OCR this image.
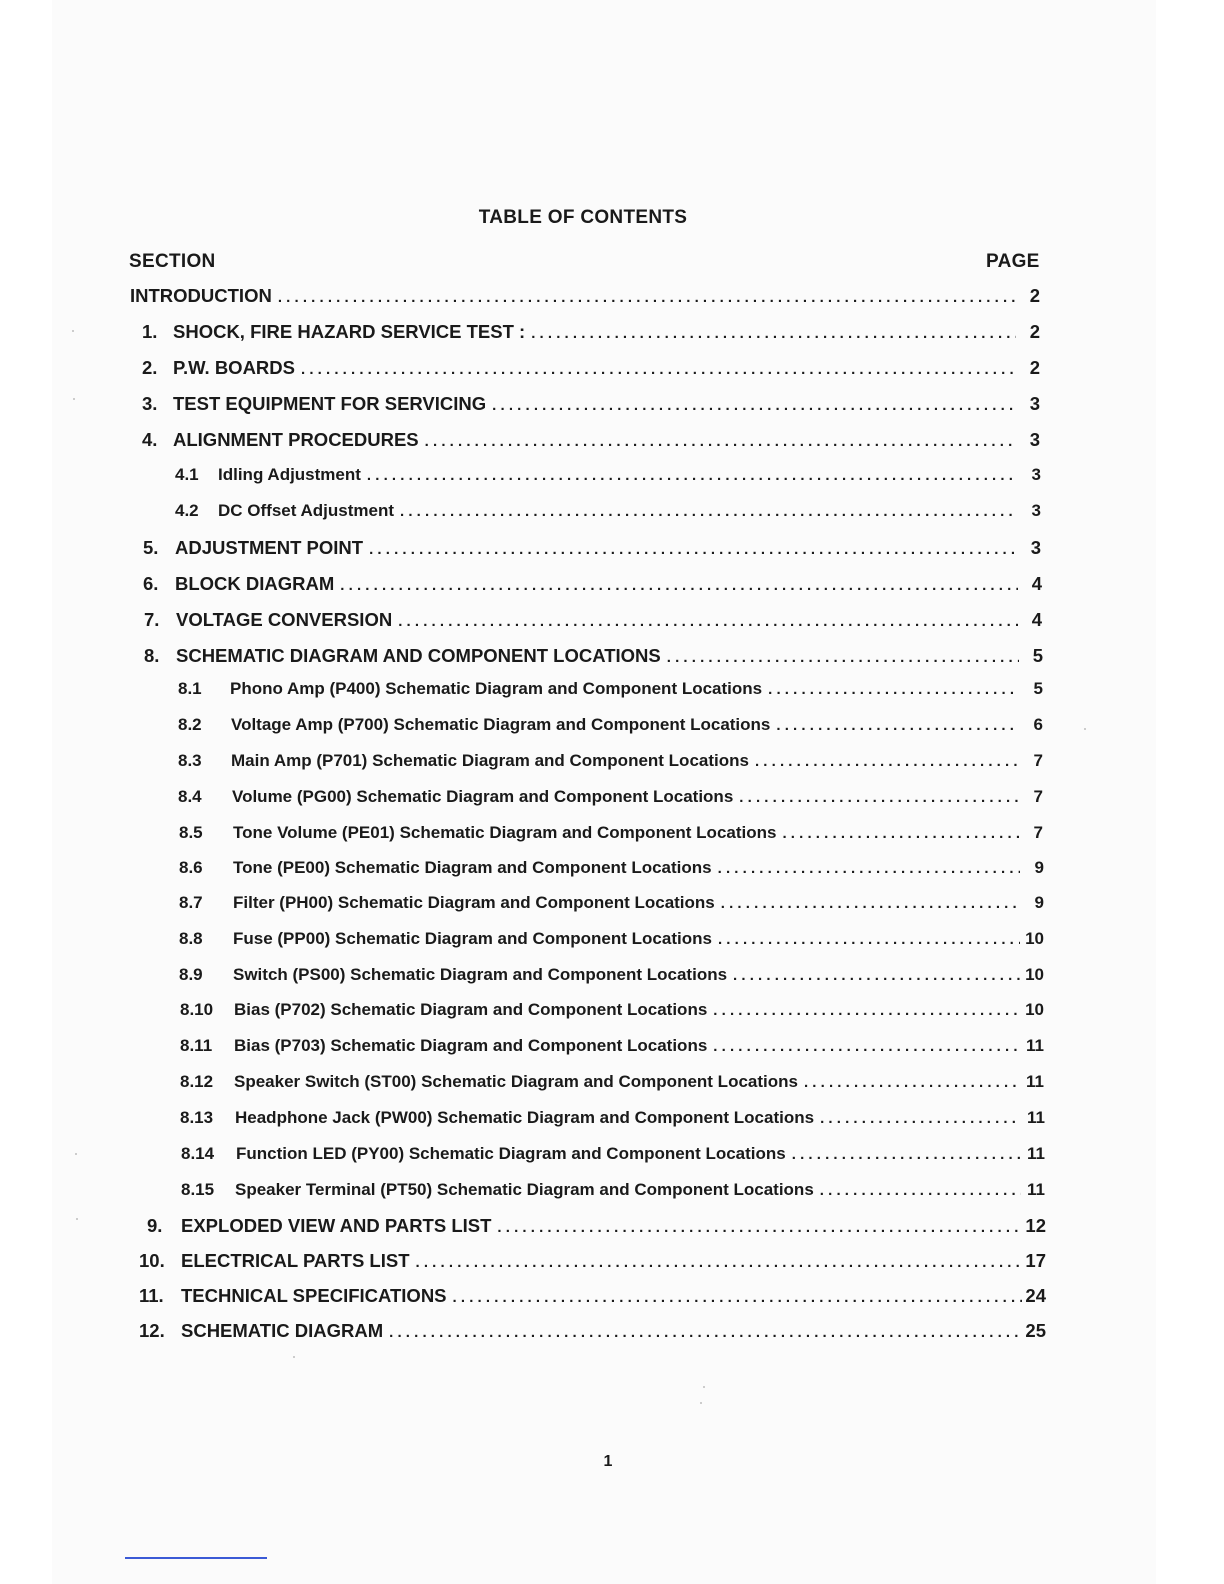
TABLE OF CONTENTS
SECTION	PAGE
INTRODUCTION . . .	2
1. SHOCK, FIRE HAZARD SERVICE TEST : . . .	2
2. P.W. BOARDS . . .	2
3. TEST EQUIPMENT FOR SERVICING . . .	3
4. ALIGNMENT PROCEDURES . . .	3
4.1	Idling Adjustment . . .	3
4.2	DC Offset Adjustment . . .	3
5. ADJUSTMENT POINT . . .	3
6. BLOCK DIAGRAM . . .	4
7. VOLTAGE CONVERSION . . .	4
8. SCHEMATIC DIAGRAM AND COMPONENT LOCATIONS . . .	5
8.1	Phono Amp (P400) Schematic Diagram and Component Locations . . .	5
8.2	Voltage Amp (P700) Schematic Diagram and Component Locations . . .	6
8.3	Main Amp (P701) Schematic Diagram and Component Locations . . .	7
8.4	Volume (PG00) Schematic Diagram and Component Locations . . .	7
8.5	Tone Volume (PE01) Schematic Diagram and Component Locations . . .	7
8.6	Tone (PE00) Schematic Diagram and Component Locations . . .	9
8.7	Filter (PH00) Schematic Diagram and Component Locations . . .	9
8.8	Fuse (PP00) Schematic Diagram and Component Locations . . .	10
8.9	Switch (PS00) Schematic Diagram and Component Locations . . .	10
8.10	Bias (P702) Schematic Diagram and Component Locations . . .	10
8.11	Bias (P703) Schematic Diagram and Component Locations . . .	11
8.12	Speaker Switch (ST00) Schematic Diagram and Component Locations . . .	11
8.13	Headphone Jack (PW00) Schematic Diagram and Component Locations . . .	11
8.14	Function LED (PY00) Schematic Diagram and Component Locations . . .	11
8.15	Speaker Terminal (PT50) Schematic Diagram and Component Locations . . .	11
9.	EXPLODED VIEW AND PARTS LIST . . .	12
10. ELECTRICAL PARTS LIST . . .	17
11. TECHNICAL SPECIFICATIONS . . .	24
12. SCHEMATIC DIAGRAM . . .	25
1
